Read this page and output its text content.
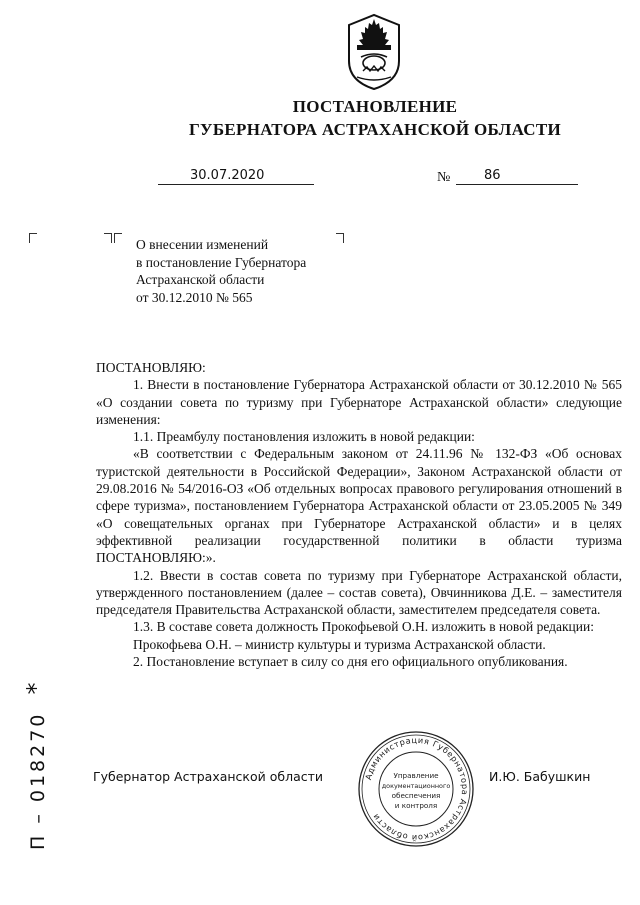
ПОСТАНОВЛЕНИЕ
ГУБЕРНАТОРА АСТРАХАНСКОЙ ОБЛАСТИ
30.07.2020	№	86
О внесении изменений
в постановление Губернатора
Астраханской области
от 30.12.2010 № 565

ПОСТАНОВЛЯЮ:

1. Внести в постановление Губернатора Астраханской области от 30.12.2010 № 565 «О создании совета по туризму при Губернаторе Астраханской области» следующие изменения:

1.1. Преамбулу постановления изложить в новой редакции:

«В соответствии с Федеральным законом от 24.11.96 № 132-ФЗ «Об основах туристской деятельности в Российской Федерации», Законом Астраханской области от 29.08.2016 № 54/2016-ОЗ «Об отдельных вопросах правового регулирования отношений в сфере туризма», постановлением Губернатора Астраханской области от 23.05.2005 № 349 «О совещательных органах при Губернаторе Астраханской области» и в целях эффективной реализации государственной политики в области туризма ПОСТАНОВЛЯЮ:».

1.2. Ввести в состав совета по туризму при Губернаторе Астраханской области, утвержденного постановлением (далее – состав совета), Овчинникова Д.Е. – заместителя председателя Правительства Астраханской области, заместителем председателя совета.

1.3. В составе совета должность Прокофьевой О.Н. изложить в новой редакции:

Прокофьева О.Н. – министр культуры и туризма Астраханской области.

2. Постановление вступает в силу со дня его официального опубликования.

Губернатор Астраханской области	И.Ю. Бабушкин
Администрация Губернатора Астраханской области
Управление
документационного
обеспечения
и контроля
П – 018270 *
